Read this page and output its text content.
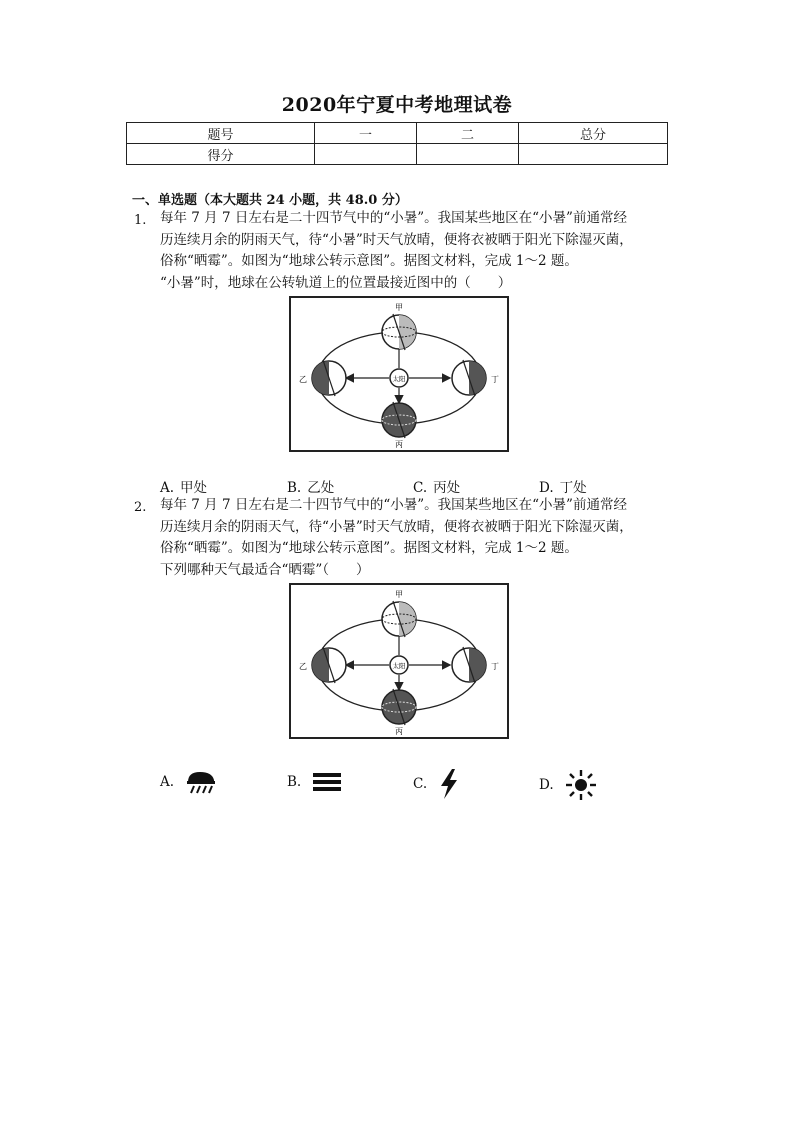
2020年宁夏中考地理试卷
题号	一	二	总分
得分			
一、单选题（本大题共 24 小题，共 48.0 分）
1. 每年 7 月 7 日左右是二十四节气中的“小暑”。我国某些地区在“小暑”前通常经
历连续月余的阴雨天气，待“小暑”时天气放晴，便将衣被晒于阳光下除湿灭菌，
俗称“晒霉”。如图为“地球公转示意图”。据图文材料，完成 1～2 题。
“小暑”时，地球在公转轨道上的位置最接近图中的（　　）
太阳
甲
乙	丁
丙
A. 甲处	B. 乙处	C. 丙处	D. 丁处
2. 每年 7 月 7 日左右是二十四节气中的“小暑”。我国某些地区在“小暑”前通常经
历连续月余的阴雨天气，待“小暑”时天气放晴，便将衣被晒于阳光下除湿灭菌，
俗称“晒霉”。如图为“地球公转示意图”。据图文材料，完成 1～2 题。
下列哪种天气最适合“晒霉”（　　）
太阳
甲
乙	丁
丙
A.	B.	C.	D.
